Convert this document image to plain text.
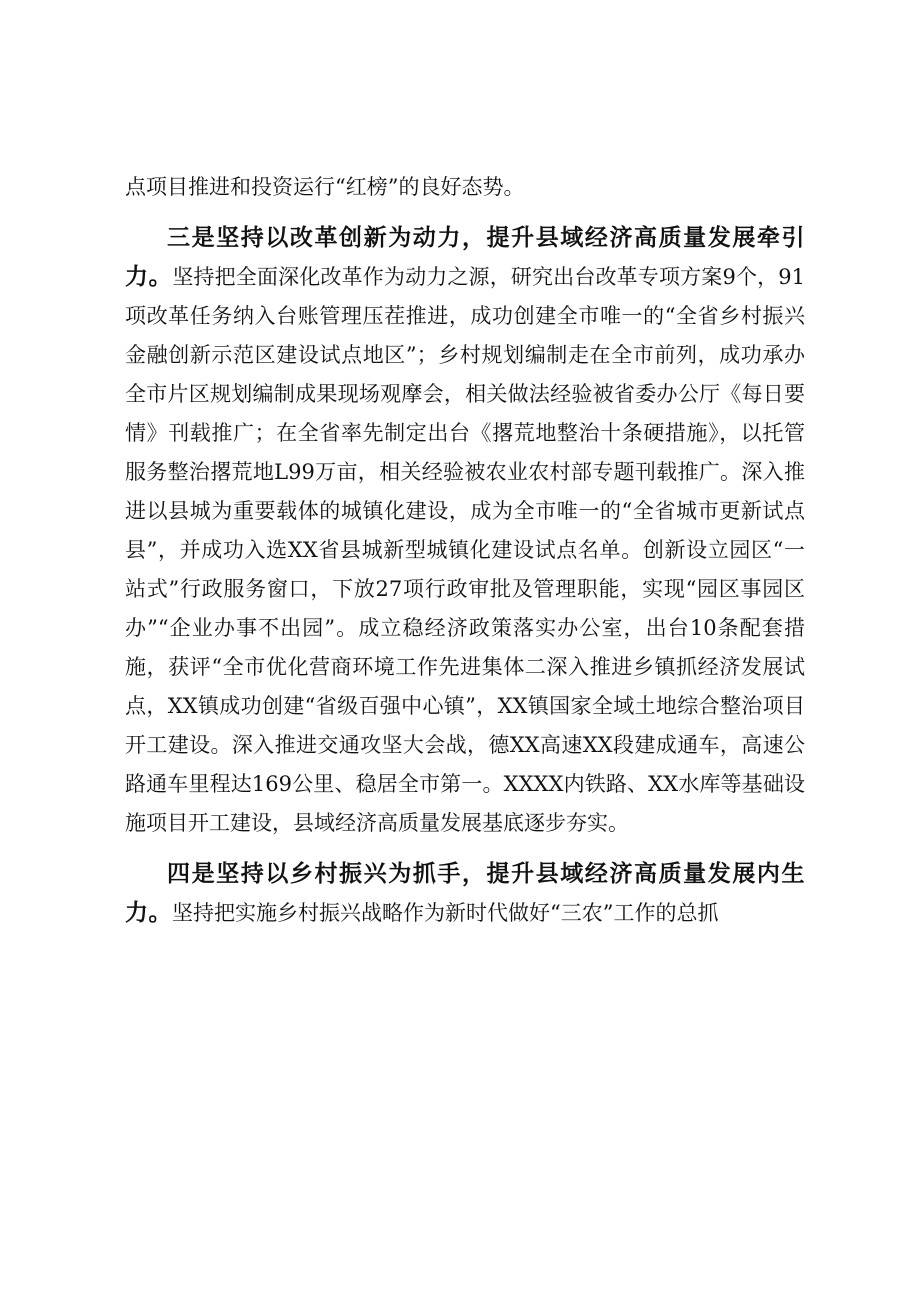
点项目推进和投资运行“红榜”的良好态势。

三是坚持以改革创新为动力，提升县域经济高质量发展牵引力。坚持把全面深化改革作为动力之源，研究出台改革专项方案9个，91项改革任务纳入台账管理压茬推进，成功创建全市唯一的“全省乡村振兴金融创新示范区建设试点地区”；乡村规划编制走在全市前列，成功承办全市片区规划编制成果现场观摩会，相关做法经验被省委办公厅《每日要情》刊载推广；在全省率先制定出台《撂荒地整治十条硬措施》，以托管服务整治撂荒地L99万亩，相关经验被农业农村部专题刊载推广。深入推进以县城为重要载体的城镇化建设，成为全市唯一的“全省城市更新试点县”，并成功入选XX省县城新型城镇化建设试点名单。创新设立园区“一站式”行政服务窗口，下放27项行政审批及管理职能，实现“园区事园区办”“企业办事不出园”。成立稳经济政策落实办公室，出台10条配套措施，获评“全市优化营商环境工作先进集体二深入推进乡镇抓经济发展试点，XX镇成功创建“省级百强中心镇”，XX镇国家全域土地综合整治项目开工建设。深入推进交通攻坚大会战，德XX高速XX段建成通车，高速公路通车里程达169公里、稳居全市第一。XXXX内铁路、XX水库等基础设施项目开工建设，县域经济高质量发展基底逐步夯实。

四是坚持以乡村振兴为抓手，提升县域经济高质量发展内生力。坚持把实施乡村振兴战略作为新时代做好“三农”工作的总抓
